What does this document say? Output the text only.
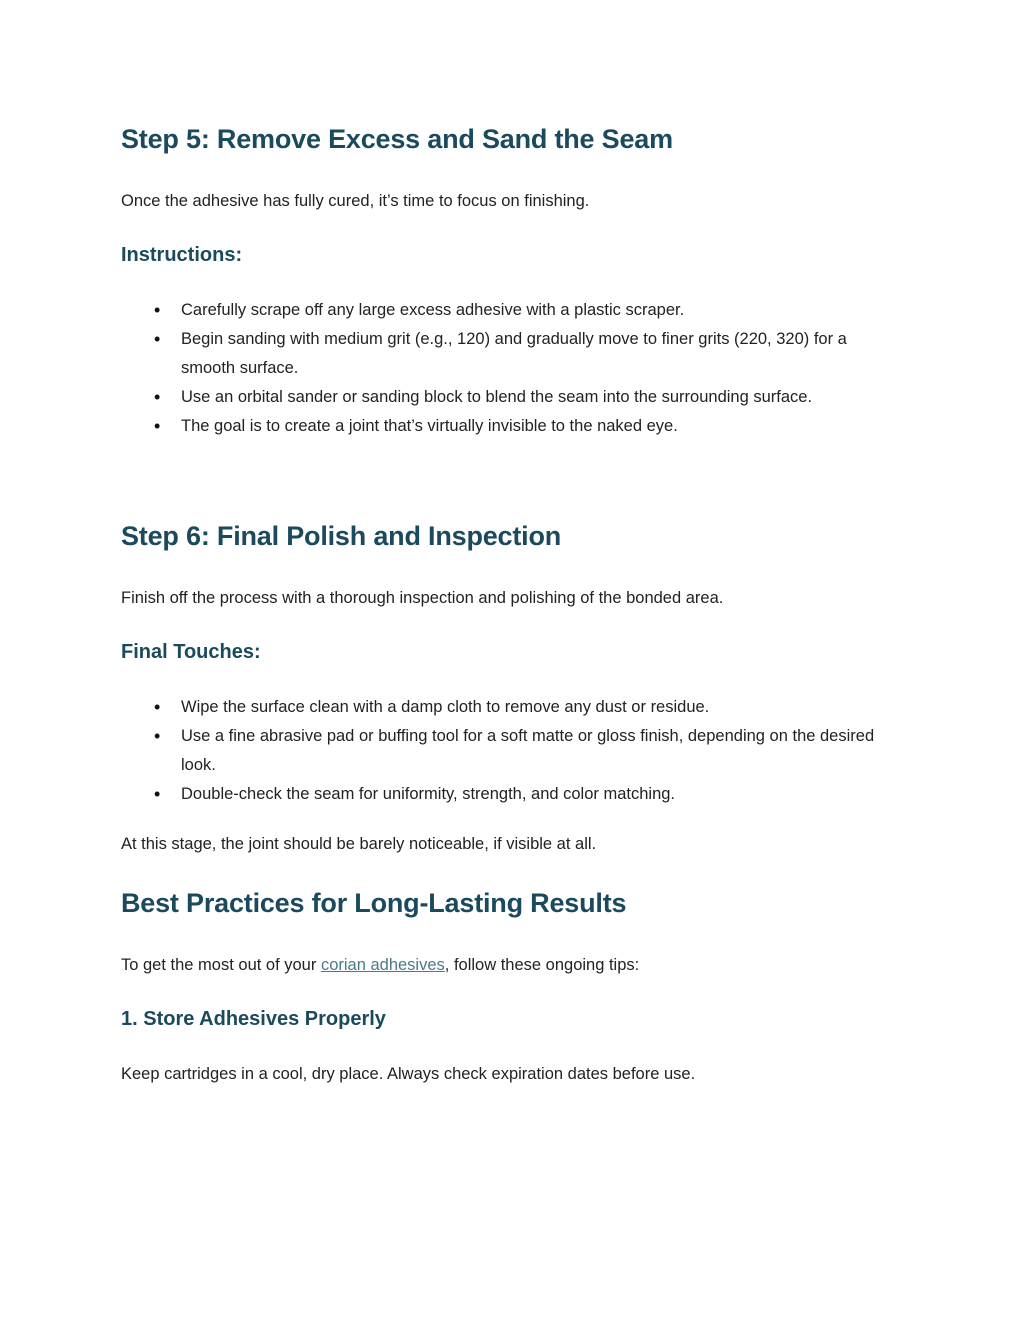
Step 5: Remove Excess and Sand the Seam

Once the adhesive has fully cured, it’s time to focus on finishing.

Instructions:
• Carefully scrape off any large excess adhesive with a plastic scraper.
• Begin sanding with medium grit (e.g., 120) and gradually move to finer grits (220, 320) for a smooth surface.
• Use an orbital sander or sanding block to blend the seam into the surrounding surface.
• The goal is to create a joint that’s virtually invisible to the naked eye.
Step 6: Final Polish and Inspection

Finish off the process with a thorough inspection and polishing of the bonded area.

Final Touches:
• Wipe the surface clean with a damp cloth to remove any dust or residue.
• Use a fine abrasive pad or buffing tool for a soft matte or gloss finish, depending on the desired look.
• Double-check the seam for uniformity, strength, and color matching.

At this stage, the joint should be barely noticeable, if visible at all.

Best Practices for Long-Lasting Results

To get the most out of your corian adhesives, follow these ongoing tips:

1. Store Adhesives Properly

Keep cartridges in a cool, dry place. Always check expiration dates before use.
